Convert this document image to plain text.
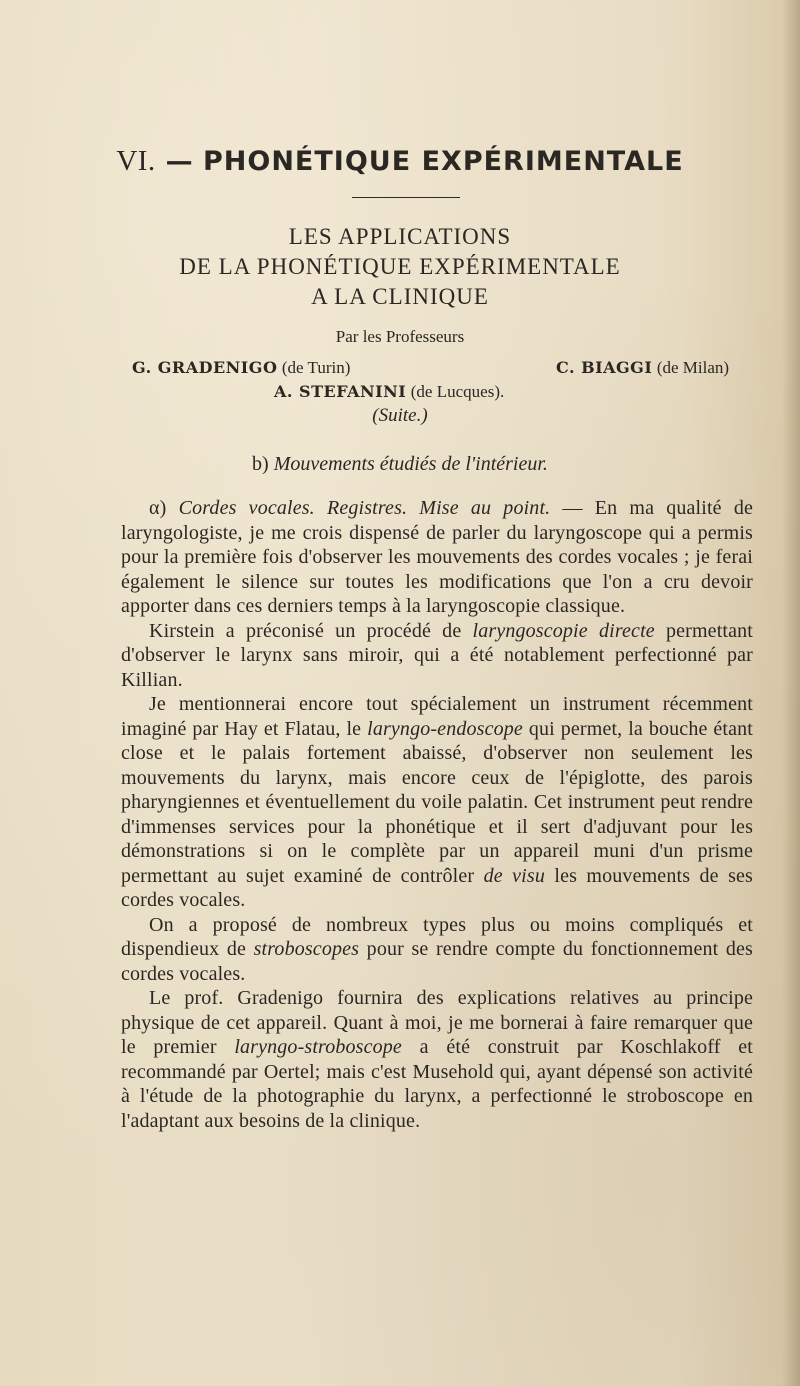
VI. — PHONÉTIQUE EXPÉRIMENTALE
LES APPLICATIONS
DE LA PHONÉTIQUE EXPÉRIMENTALE
A LA CLINIQUE
Par les Professeurs
G. GRADENIGO (de Turin)	C. BIAGGI (de Milan)
A. STEFANINI (de Lucques).
(Suite.)
b) Mouvements étudiés de l'intérieur.

α) Cordes vocales. Registres. Mise au point. — En ma qualité de laryngologiste, je me crois dispensé de parler du laryngoscope qui a permis pour la première fois d'observer les mouvements des cordes vocales ; je ferai également le silence sur toutes les modifications que l'on a cru devoir apporter dans ces derniers temps à la laryngoscopie classique.

Kirstein a préconisé un procédé de laryngoscopie directe permettant d'observer le larynx sans miroir, qui a été notablement perfectionné par Killian.

Je mentionnerai encore tout spécialement un instrument récemment imaginé par Hay et Flatau, le laryngo-endoscope qui permet, la bouche étant close et le palais fortement abaissé, d'observer non seulement les mouvements du larynx, mais encore ceux de l'épiglotte, des parois pharyngiennes et éventuellement du voile palatin. Cet instrument peut rendre d'immenses services pour la phonétique et il sert d'adjuvant pour les démonstrations si on le complète par un appareil muni d'un prisme permettant au sujet examiné de contrôler de visu les mouvements de ses cordes vocales.

On a proposé de nombreux types plus ou moins compliqués et dispendieux de stroboscopes pour se rendre compte du fonctionnement des cordes vocales.

Le prof. Gradenigo fournira des explications relatives au principe physique de cet appareil. Quant à moi, je me bornerai à faire remarquer que le premier laryngo-stroboscope a été construit par Koschlakoff et recommandé par Oertel; mais c'est Musehold qui, ayant dépensé son activité à l'étude de la photographie du larynx, a perfectionné le stroboscope en l'adaptant aux besoins de la clinique.
